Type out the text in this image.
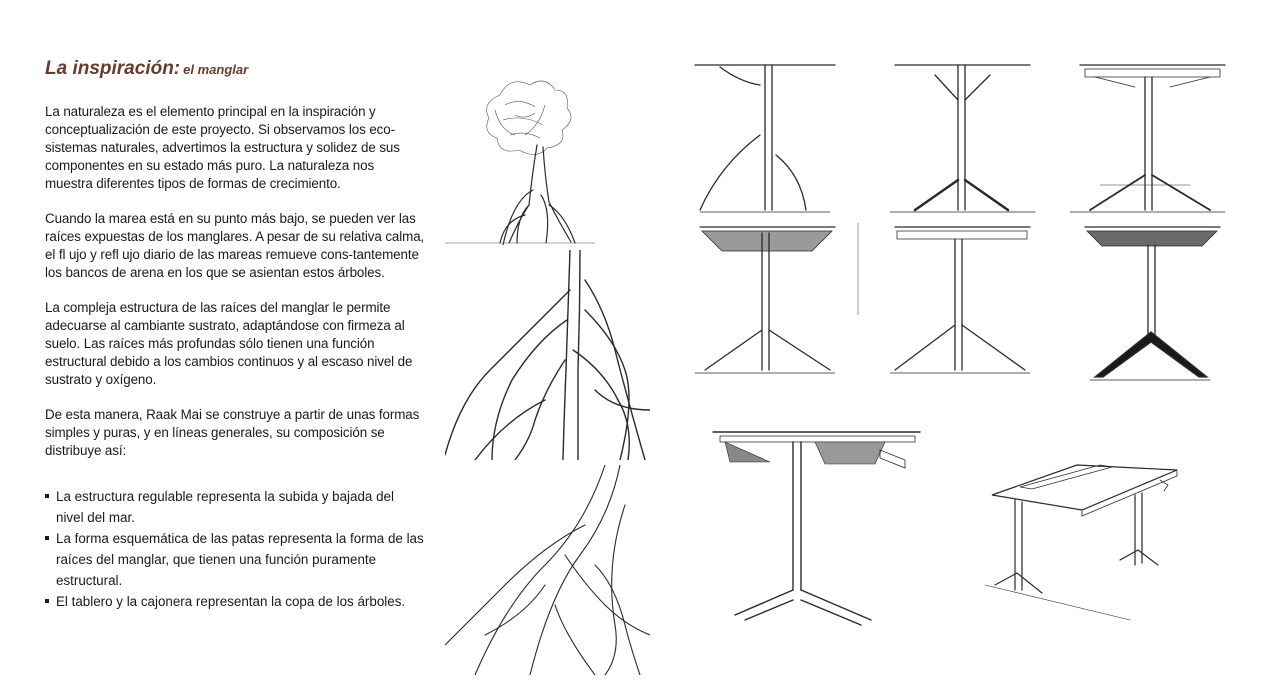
La inspiración: el manglar

La naturaleza es el elemento principal en la inspiración y conceptualización de este proyecto. Si observamos los eco-sistemas naturales, advertimos la estructura y solidez de sus componentes en su estado más puro. La naturaleza nos muestra diferentes tipos de formas de crecimiento.

Cuando la marea está en su punto más bajo, se pueden ver las raíces expuestas de los manglares. A pesar de su relativa calma, el fl ujo y refl ujo diario de las mareas remueve cons-tantemente los bancos de arena en los que se asientan estos árboles.

La compleja estructura de las raíces del manglar le permite adecuarse al cambiante sustrato, adaptándose con firmeza al suelo. Las raíces más profundas sólo tienen una función estructural debido a los cambios continuos y al escaso nivel de sustrato y oxígeno.

De esta manera, Raak Mai se construye a partir de unas formas simples y puras, y en líneas generales, su composición se distribuye así:

La estructura regulable representa la subida y bajada del nivel del mar.
La forma esquemática de las patas representa la forma de las raíces del manglar, que tienen una función puramente estructural.
El tablero y la cajonera representan la copa de los árboles.
